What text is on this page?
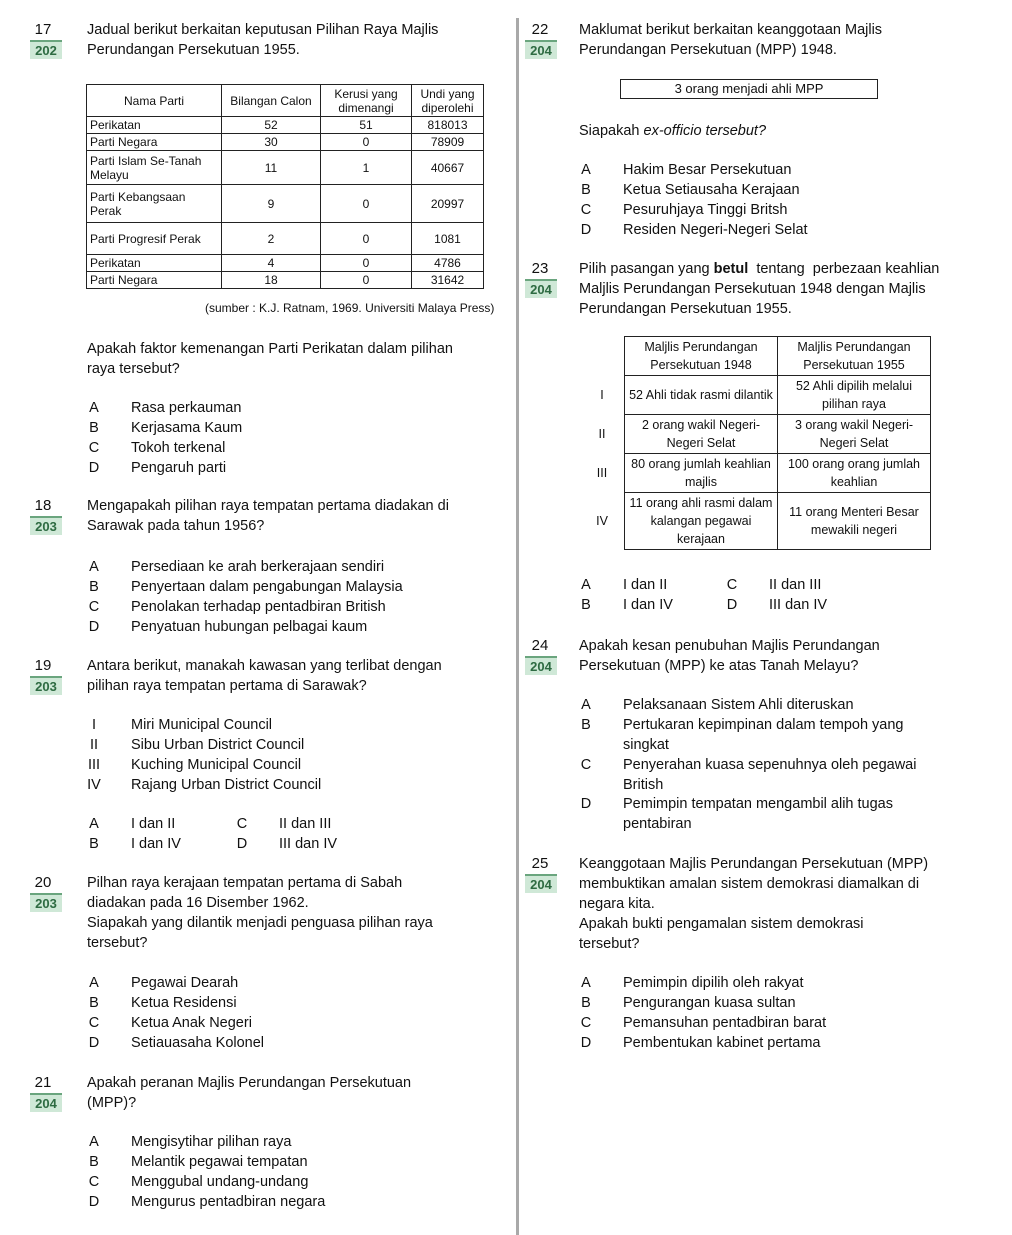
17
202
Jadual berikut berkaitan keputusan Pilihan Raya Majlis
Perundangan Persekutuan 1955.
Nama Parti	Bilangan Calon	Kerusi yang dimenangi	Undi yang diperolehi
Perikatan	52	51	818013
Parti Negara	30	0	78909
Parti Islam Se-Tanah Melayu	11	1	40667
Parti Kebangsaan Perak	9	0	20997
Parti Progresif Perak	2	0	1081
Perikatan	4	0	4786
Parti Negara	18	0	31642
(sumber : K.J. Ratnam, 1969. Universiti Malaya Press)
Apakah faktor kemenangan Parti Perikatan dalam pilihan
raya tersebut?
A Rasa perkauman
B Kerjasama Kaum
C Tokoh terkenal
D Pengaruh parti
18
203
Mengapakah pilihan raya tempatan pertama diadakan di
Sarawak pada tahun 1956?
A Persediaan ke arah berkerajaan sendiri
B Penyertaan dalam pengabungan Malaysia
C Penolakan terhadap pentadbiran British
D Penyatuan hubungan pelbagai kaum
19
203
Antara berikut, manakah kawasan yang terlibat dengan
pilihan raya tempatan pertama di Sarawak?
I Miri Municipal Council
II Sibu Urban District Council
III Kuching Municipal Council
IV Rajang Urban District Council
A I dan II
B I dan IV
C II dan III
D III dan IV
20
203
Pilhan raya kerajaan tempatan pertama di Sabah
diadakan pada 16 Disember 1962.
Siapakah yang dilantik menjadi penguasa pilihan raya
tersebut?
A Pegawai Dearah
B Ketua Residensi
C Ketua Anak Negeri
D Setiauasaha Kolonel
21
204
Apakah peranan Majlis Perundangan Persekutuan
(MPP)?
A Mengisytihar pilihan raya
B Melantik pegawai tempatan
C Menggubal undang-undang
D Mengurus pentadbiran negara
22
204
Maklumat berikut berkaitan keanggotaan Majlis
Perundangan Persekutuan (MPP) 1948.
3 orang menjadi ahli MPP
Siapakah ex-officio tersebut?
A Hakim Besar Persekutuan
B Ketua Setiausaha Kerajaan
C Pesuruhjaya Tinggi Britsh
D Residen Negeri-Negeri Selat
23
204
Pilih pasangan yang betul  tentang  perbezaan keahlian
Maljlis Perundangan Persekutuan 1948 dengan Majlis
Perundangan Persekutuan 1955.
	Maljlis Perundangan Persekutuan 1948	Maljlis Perundangan Persekutuan 1955
I	52 Ahli tidak rasmi dilantik	52 Ahli dipilih melalui pilihan raya
II	2 orang wakil Negeri-Negeri Selat	3 orang wakil Negeri-Negeri Selat
III	80 orang jumlah keahlian majlis	100 orang orang jumlah keahlian
IV	11 orang ahli rasmi dalam kalangan pegawai kerajaan	11 orang Menteri Besar mewakili negeri
A I dan II
B I dan IV
C II dan III
D III dan IV
24
204
Apakah kesan penubuhan Majlis Perundangan
Persekutuan (MPP) ke atas Tanah Melayu?
A Pelaksanaan Sistem Ahli diteruskan
B Pertukaran kepimpinan dalam tempoh yang
singkat
C Penyerahan kuasa sepenuhnya oleh pegawai
British
D Pemimpin tempatan mengambil alih tugas
pentabiran
25
204
Keanggotaan Majlis Perundangan Persekutuan (MPP)
membuktikan amalan sistem demokrasi diamalkan di
negara kita.
Apakah bukti pengamalan sistem demokrasi
tersebut?
A Pemimpin dipilih oleh rakyat
B Pengurangan kuasa sultan
C Pemansuhan pentadbiran barat
D Pembentukan kabinet pertama
